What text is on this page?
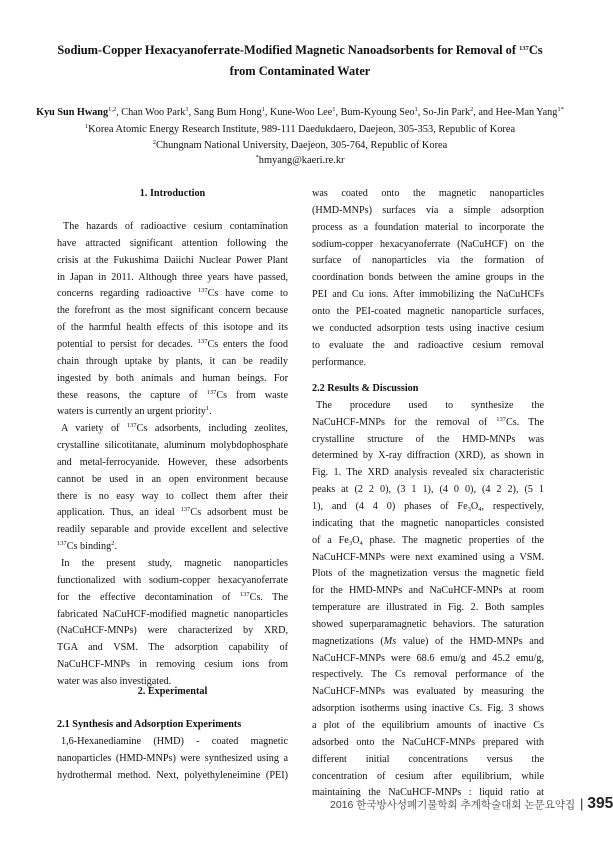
Sodium-Copper Hexacyanoferrate-Modified Magnetic Nanoadsorbents for Removal of $^{137}$Cs
from Contaminated Water
Kyu Sun Hwang$^{1,2}$, Chan Woo Park$^1$, Sang Bum Hong$^1$, Kune-Woo Lee$^1$, Bum-Kyoung Seo$^1$, So-Jin Park$^2$, and Hee-Man Yang$^{1*}$
$^1$Korea Atomic Energy Research Institute, 989-111 Daedukdaero, Daejeon, 305-353, Republic of Korea
$^2$Chungnam National University, Daejeon, 305-764, Republic of Korea
*hmyang@kaeri.re.kr
1. Introduction
The hazards of radioactive cesium contamination
have attracted significant attention following the
crisis at the Fukushima Daiichi Nuclear Power Plant
in Japan in 2011. Although three years have passed,
concerns regarding radioactive $^{137}$Cs have come to
the forefront as the most significant concern because
of the harmful health effects of this isotope and its
potential to persist for decades. $^{137}$Cs enters the food
chain through uptake by plants, it can be readily
ingested by both animals and human beings. For
these reasons, the capture of $^{137}$Cs from waste
waters is currently an urgent priority$^1$.
A variety of $^{137}$Cs adsorbents, including zeolites,
crystalline silicotitanate, aluminum molybdophosphate
and metal-ferrocyanide. However, these adsorbents
cannot be used in an open environment because
there is no easy way to collect them after their
application. Thus, an ideal $^{137}$Cs adsorbent must be
readily separable and provide excellent and selective
$^{137}$Cs binding$^2$.
In the present study, magnetic nanoparticles
functionalized with sodium-copper hexacyanoferrate
for the effective decontamination of $^{137}$Cs. The
fabricated NaCuHCF-modified magnetic nanoparticles
(NaCuHCF-MNPs) were characterized by XRD,
TGA and VSM. The adsorption capability of
NaCuHCF-MNPs in removing cesium ions from
water was also investigated.
2. Experimental
2.1 Synthesis and Adsorption Experiments
1,6-Hexanediamine (HMD) - coated magnetic
nanoparticles (HMD-MNPs) were synthesized using a
hydrothermal method. Next, polyethyleneimine (PEI)
was coated onto the magnetic nanoparticles
(HMD-MNPs) surfaces via a simple adsorption
process as a foundation material to incorporate the
sodium-copper hexacyanoferrate (NaCuHCF) on the
surface of nanoparticles via the formation of
coordination bonds between the amine groups in the
PEI and Cu ions. After immobilizing the NaCuHCFs
onto the PEI-coated magnetic nanoparticle surfaces,
we conducted adsorption tests using inactive cesium
to evaluate the and radioactive cesium removal
performance.
2.2 Results & Discussion
The procedure used to synthesize the
NaCuHCF-MNPs for the removal of $^{137}$Cs. The
crystalline structure of the HMD-MNPs was
determined by X-ray diffraction (XRD), as shown in
Fig. 1. The XRD analysis revealed six characteristic
peaks at (2 2 0), (3 1 1), (4 0 0), (4 2 2), (5 1
1), and (4 4 0) phases of $Fe_3O_4$, respectively,
indicating that the magnetic nanoparticles consisted
of a $Fe_3O_4$ phase. The magnetic properties of the
NaCuHCF-MNPs were next examined using a VSM.
Plots of the magnetization versus the magnetic field
for the HMD-MNPs and NaCuHCF-MNPs at room
temperature are illustrated in Fig. 2. Both samples
showed superparamagnetic behaviors. The saturation
magnetizations (Ms value) of the HMD-MNPs and
NaCuHCF-MNPs were 68.6 emu/g and 45.2 emu/g,
respectively. The Cs removal performance of the
NaCuHCF-MNPs was evaluated by measuring the
adsorption isotherms using inactive Cs. Fig. 3 shows
a plot of the equilibrium amounts of inactive Cs
adsorbed onto the NaCuHCF-MNPs prepared with
different initial concentrations versus the
concentration of cesium after equilibrium, while
maintaining the NaCuHCF-MNPs : liquid ratio at
2016 한국방사성폐기물학회 추계학술대회 논문요약집 | 395
